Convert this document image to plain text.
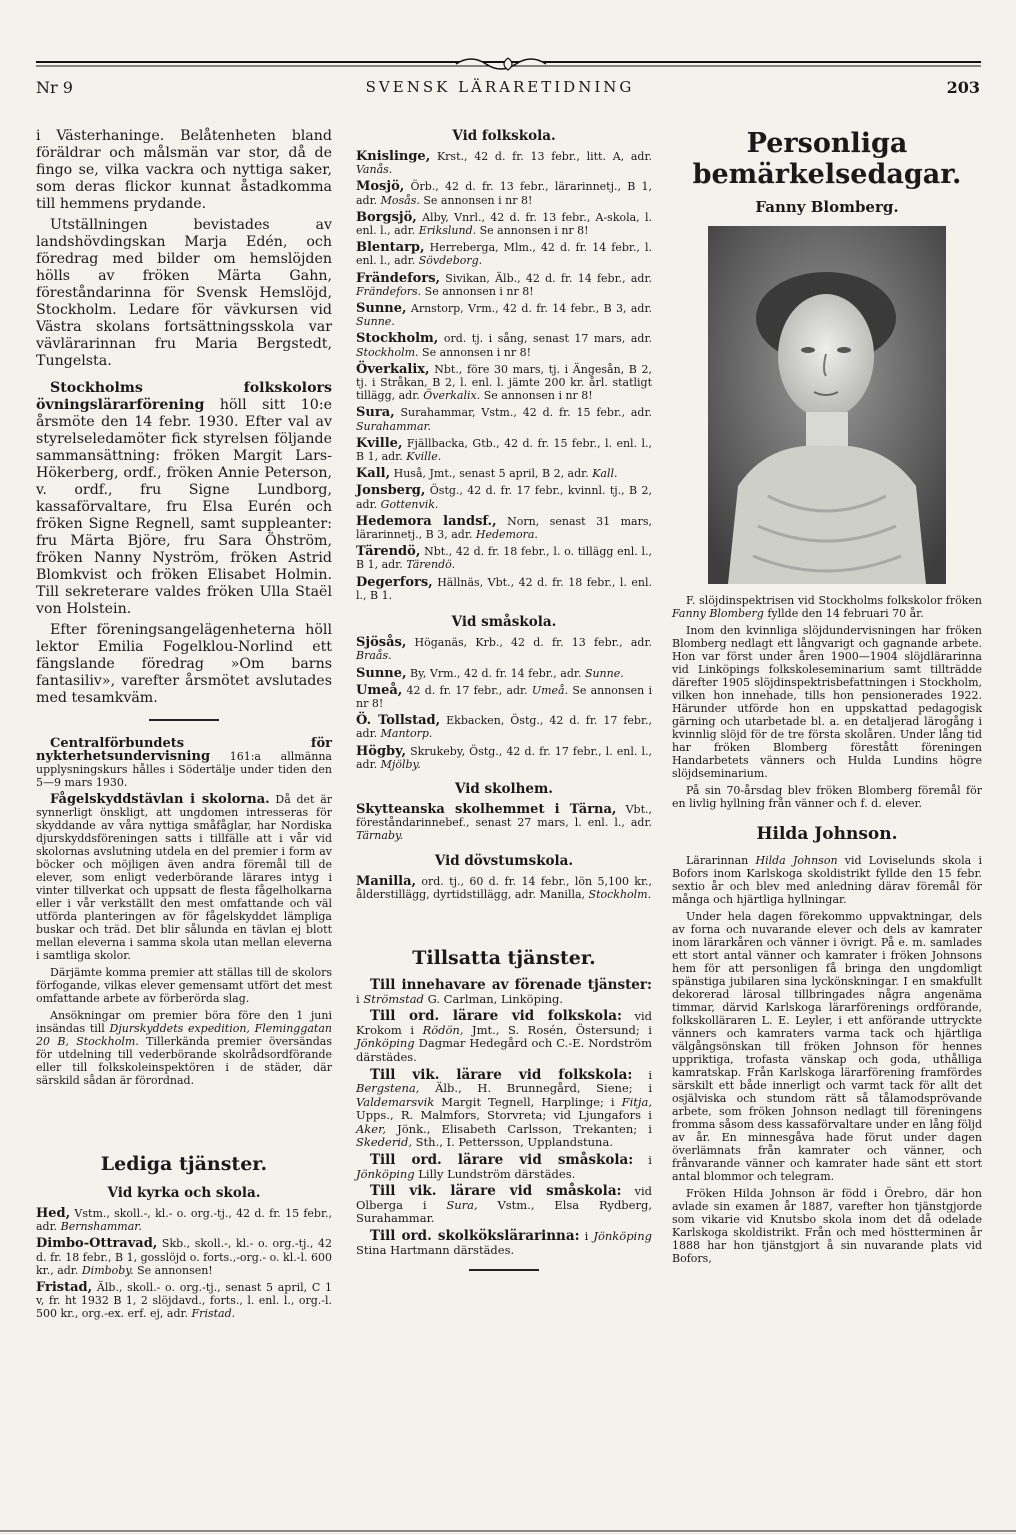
Nr 9	SVENSK LÄRARETIDNING	203

i Västerhaninge. Belåtenheten bland föräldrar och målsmän var stor, då de fingo se, vilka vackra och nyttiga saker, som deras flickor kunnat åstadkomma till hemmens prydande.

Utställningen bevistades av landshövdingskan Marja Edén, och föredrag med bilder om hemslöjden hölls av fröken Märta Gahn, föreståndarinna för Svensk Hemslöjd, Stockholm. Ledare för vävkursen vid Västra skolans fortsättningsskola var vävlärarinnan fru Maria Bergstedt, Tungelsta.

Stockholms folkskolors övningslärarförening höll sitt 10:e årsmöte den 14 febr. 1930. Efter val av styrelseledamöter fick styrelsen följande sammansättning: fröken Margit Lars-Hökerberg, ordf., fröken Annie Peterson, v. ordf., fru Signe Lundborg, kassaförvaltare, fru Elsa Eurén och fröken Signe Regnell, samt suppleanter: fru Märta Björe, fru Sara Öhström, fröken Nanny Nyström, fröken Astrid Blomkvist och fröken Elisabet Holmin. Till sekreterare valdes fröken Ulla Staël von Holstein.

Efter föreningsangelägenheterna höll lektor Emilia Fogelklou-Norlind ett fängslande föredrag »Om barns fantasiliv», varefter årsmötet avslutades med tesamkväm.

Centralförbundets för nykterhetsundervisning 161:a allmänna upplysningskurs hålles i Södertälje under tiden den 5—9 mars 1930.

Fågelskyddstävlan i skolorna. Då det är synnerligt önskligt, att ungdomen intresseras för skyddande av våra nyttiga småfåglar, har Nordiska djurskyddsföreningen satts i tillfälle att i vår vid skolornas avslutning utdela en del premier i form av böcker och möjligen även andra föremål till de elever, som enligt vederbörande lärares intyg i vinter tillverkat och uppsatt de flesta fågelholkarna eller i vår verkställt den mest omfattande och väl utförda planteringen av för fågelskyddet lämpliga buskar och träd. Det blir sålunda en tävlan ej blott mellan eleverna i samma skola utan mellan eleverna i samtliga skolor.

Därjämte komma premier att ställas till de skolors förfogande, vilkas elever gemensamt utfört det mest omfattande arbete av förberörda slag.

Ansökningar om premier böra före den 1 juni insändas till Djurskyddets expedition, Fleminggatan 20 B, Stockholm. Tillerkända premier översändas för utdelning till vederbörande skolrådsordförande eller till folkskoleinspektören i de städer, där särskild sådan är förordnad.

Lediga tjänster.
Vid kyrka och skola.

Hed, Vstm., skoll.-, kl.- o. org.-tj., 42 d. fr. 15 febr., adr. Bernshammar.

Dimbo-Ottravad, Skb., skoll.-, kl.- o. org.-tj., 42 d. fr. 18 febr., B 1, gosslöjd o. forts.,-org.- o. kl.-l. 600 kr., adr. Dimboby. Se annonsen!

Fristad, Älb., skoll.- o. org.-tj., senast 5 april, C 1 v, fr. ht 1932 B 1, 2 slöjdavd., forts., l. enl. l., org.-l. 500 kr., org.-ex. erf. ej, adr. Fristad.

Vid folkskola.

Knislinge, Krst., 42 d. fr. 13 febr., litt. A, adr. Vanås.

Mosjö, Örb., 42 d. fr. 13 febr., lärarinnetj., B 1, adr. Mosås. Se annonsen i nr 8!

Borgsjö, Alby, Vnrl., 42 d. fr. 13 febr., A-skola, l. enl. l., adr. Erikslund. Se annonsen i nr 8!

Blentarp, Herreberga, Mlm., 42 d. fr. 14 febr., l. enl. l., adr. Sövdeborg.

Frändefors, Sivikan, Älb., 42 d. fr. 14 febr., adr. Frändefors. Se annonsen i nr 8!

Sunne, Arnstorp, Vrm., 42 d. fr. 14 febr., B 3, adr. Sunne.

Stockholm, ord. tj. i sång, senast 17 mars, adr. Stockholm. Se annonsen i nr 8!

Överkalix, Nbt., före 30 mars, tj. i Ängesån, B 2, tj. i Stråkan, B 2, l. enl. l. jämte 200 kr. årl. statligt tillägg, adr. Överkalix. Se annonsen i nr 8!

Sura, Surahammar, Vstm., 42 d. fr. 15 febr., adr. Surahammar.

Kville, Fjällbacka, Gtb., 42 d. fr. 15 febr., l. enl. l., B 1, adr. Kville.

Kall, Huså, Jmt., senast 5 april, B 2, adr. Kall.

Jonsberg, Östg., 42 d. fr. 17 febr., kvinnl. tj., B 2, adr. Gottenvik.

Hedemora landsf., Norn, senast 31 mars, lärarinnetj., B 3, adr. Hedemora.

Tärendö, Nbt., 42 d. fr. 18 febr., l. o. tillägg enl. l., B 1, adr. Tärendö.

Degerfors, Hällnäs, Vbt., 42 d. fr. 18 febr., l. enl. l., B 1.

Vid småskola.

Sjösås, Höganäs, Krb., 42 d. fr. 13 febr., adr. Braås.

Sunne, By, Vrm., 42 d. fr. 14 febr., adr. Sunne.

Umeå, 42 d. fr. 17 febr., adr. Umeå. Se annonsen i nr 8!

Ö. Tollstad, Ekbacken, Östg., 42 d. fr. 17 febr., adr. Mantorp.

Högby, Skrukeby, Östg., 42 d. fr. 17 febr., l. enl. l., adr. Mjölby.

Vid skolhem.

Skytteanska skolhemmet i Tärna, Vbt., föreståndarinnebef., senast 27 mars, l. enl. l., adr. Tärnaby.

Vid dövstumskola.

Manilla, ord. tj., 60 d. fr. 14 febr., lön 5,100 kr., ålderstillägg, dyrtidstillägg, adr. Manilla, Stockholm.

Tillsatta tjänster.

Till innehavare av förenade tjänster: i Strömstad G. Carlman, Linköping.

Till ord. lärare vid folkskola: vid Krokom i Rödön, Jmt., S. Rosén, Östersund; i Jönköping Dagmar Hedegård och C.-E. Nordström därstädes.

Till vik. lärare vid folkskola: i Bergstena, Älb., H. Brunnegård, Siene; i Valdemarsvik Margit Tegnell, Harplinge; i Fitja, Upps., R. Malmfors, Storvreta; vid Ljungafors i Aker, Jönk., Elisabeth Carlsson, Trekanten; i Skederid, Sth., I. Pettersson, Upplandstuna.

Till ord. lärare vid småskola: i Jönköping Lilly Lundström därstädes.

Till vik. lärare vid småskola: vid Olberga i Sura, Vstm., Elsa Rydberg, Surahammar.

Till ord. skolkökslärarinna: i Jönköping Stina Hartmann därstädes.

Personliga bemärkelsedagar.
Fanny Blomberg.

F. slöjdinspektrisen vid Stockholms folkskolor fröken Fanny Blomberg fyllde den 14 februari 70 år.

Inom den kvinnliga slöjdundervisningen har fröken Blomberg nedlagt ett långvarigt och gagnande arbete. Hon var först under åren 1900—1904 slöjdlärarinna vid Linköpings folkskoleseminarium samt tillträdde därefter 1905 slöjdinspektrisbefattningen i Stockholm, vilken hon innehade, tills hon pensionerades 1922. Härunder utförde hon en uppskattad pedagogisk gärning och utarbetade bl. a. en detaljerad lärogång i kvinnlig slöjd för de tre första skolåren. Under lång tid har fröken Blomberg förestått föreningen Handarbetets vänners och Hulda Lundins högre slöjdseminarium.

På sin 70-årsdag blev fröken Blomberg föremål för en livlig hyllning från vänner och f. d. elever.

Hilda Johnson.

Lärarinnan Hilda Johnson vid Loviselunds skola i Bofors inom Karlskoga skoldistrikt fyllde den 15 febr. sextio år och blev med anledning därav föremål för många och hjärtliga hyllningar.

Under hela dagen förekommo uppvaktningar, dels av forna och nuvarande elever och dels av kamrater inom lärarkåren och vänner i övrigt. På e. m. samlades ett stort antal vänner och kamrater i fröken Johnsons hem för att personligen få bringa den ungdomligt spänstiga jubilaren sina lyckönskningar. I en smakfullt dekorerad lärosal tillbringades några angenäma timmar, därvid Karlskoga lärarförenings ordförande, folkskolläraren L. E. Leyler, i ett anförande uttryckte vänners och kamraters varma tack och hjärtliga välgångsönskan till fröken Johnson för hennes uppriktiga, trofasta vänskap och goda, uthålliga kamratskap. Från Karlskoga lärarförening framfördes särskilt ett både innerligt och varmt tack för allt det osjälviska och stundom rätt så tålamodsprövande arbete, som fröken Johnson nedlagt till föreningens fromma såsom dess kassaförvaltare under en lång följd av år. En minnesgåva hade förut under dagen överlämnats från kamrater och vänner, och frånvarande vänner och kamrater hade sänt ett stort antal blommor och telegram.

Fröken Hilda Johnson är född i Örebro, där hon avlade sin examen år 1887, varefter hon tjänstgjorde som vikarie vid Knutsbo skola inom det då odelade Karlskoga skoldistrikt. Från och med höstterminen år 1888 har hon tjänstgjort å sin nuvarande plats vid Bofors,
